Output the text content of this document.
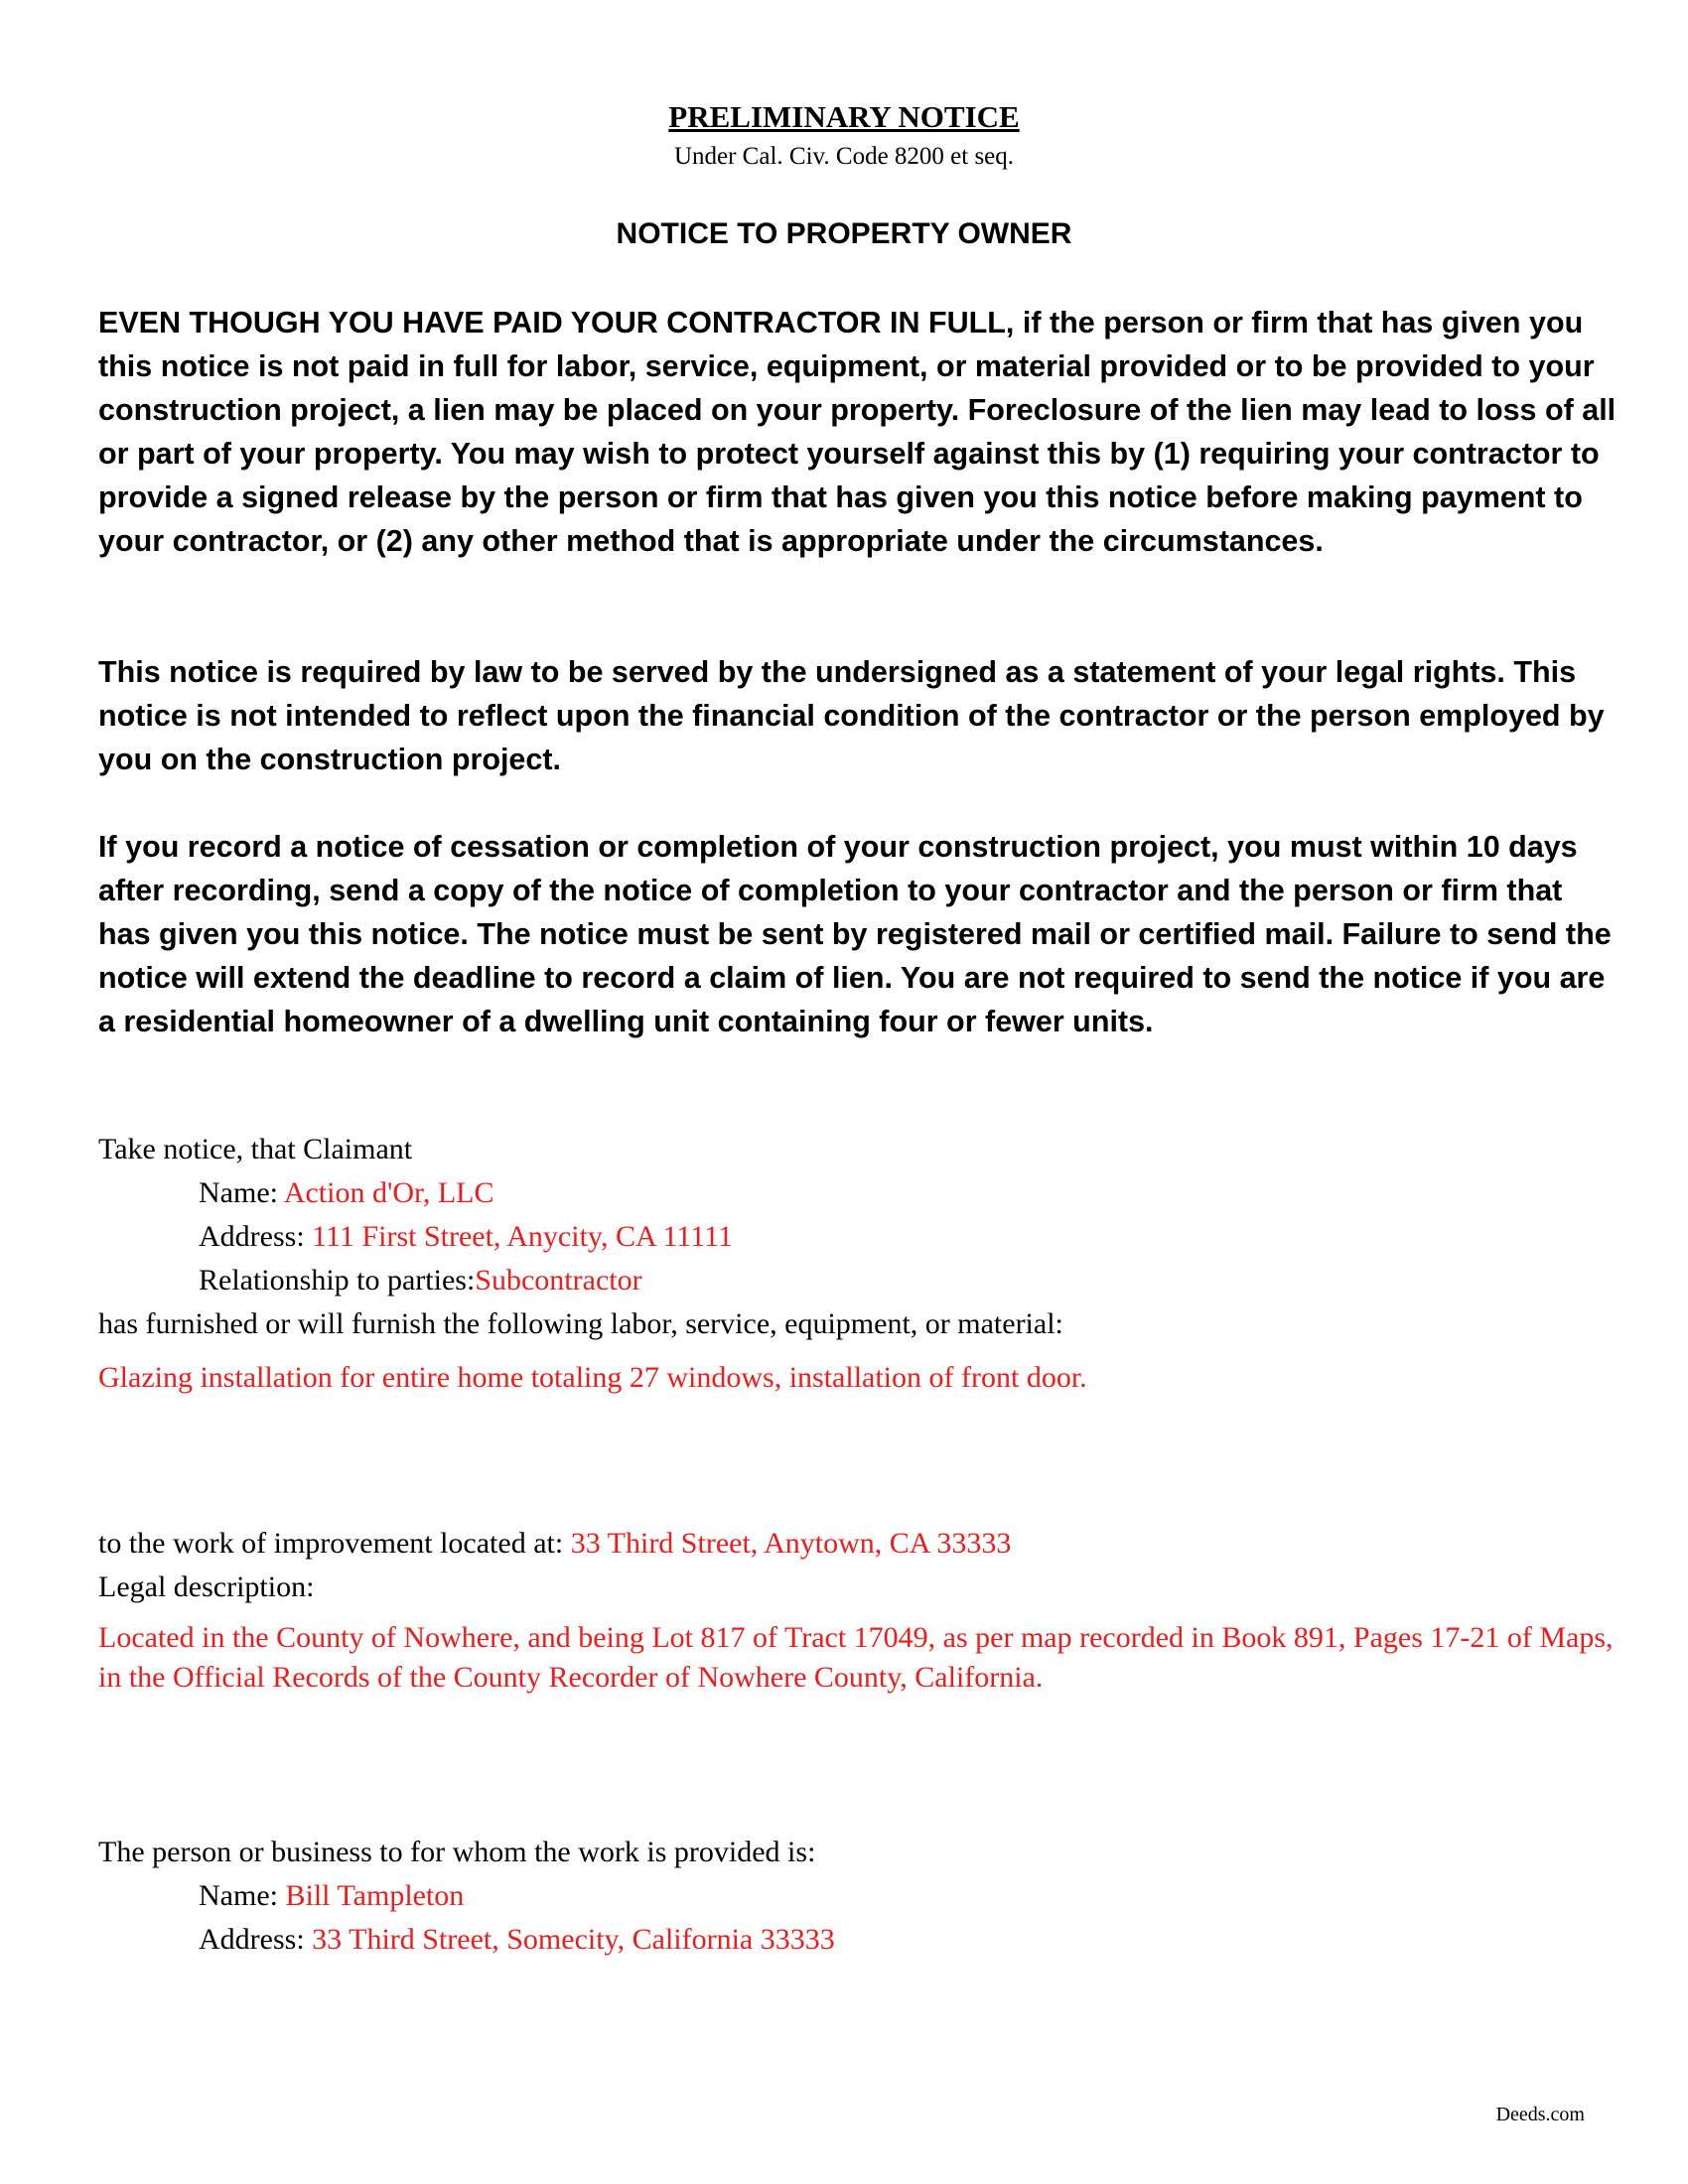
PRELIMINARY NOTICE
Under Cal. Civ. Code 8200 et seq.
NOTICE TO PROPERTY OWNER

EVEN THOUGH YOU HAVE PAID YOUR CONTRACTOR IN FULL, if the person or firm that has given you this notice is not paid in full for labor, service, equipment, or material provided or to be provided to your construction project, a lien may be placed on your property. Foreclosure of the lien may lead to loss of all or part of your property. You may wish to protect yourself against this by (1) requiring your contractor to provide a signed release by the person or firm that has given you this notice before making payment to your contractor, or (2) any other method that is appropriate under the circumstances.

This notice is required by law to be served by the undersigned as a statement of your legal rights. This notice is not intended to reflect upon the financial condition of the contractor or the person employed by you on the construction project.

If you record a notice of cessation or completion of your construction project, you must within 10 days after recording, send a copy of the notice of completion to your contractor and the person or firm that has given you this notice. The notice must be sent by registered mail or certified mail. Failure to send the notice will extend the deadline to record a claim of lien. You are not required to send the notice if you are a residential homeowner of a dwelling unit containing four or fewer units.

Take notice, that Claimant
Name: Action d'Or, LLC
Address: 111 First Street, Anycity, CA 11111
Relationship to parties:Subcontractor
has furnished or will furnish the following labor, service, equipment, or material:

Glazing installation for entire home totaling 27 windows, installation of front door.

to the work of improvement located at: 33 Third Street, Anytown, CA 33333
Legal description:

Located in the County of Nowhere, and being Lot 817 of Tract 17049, as per map recorded in Book 891, Pages 17-21 of Maps, in the Official Records of the County Recorder of Nowhere County, California.

The person or business to for whom the work is provided is:
Name: Bill Tampleton
Address: 33 Third Street, Somecity, California 33333
Deeds.com
